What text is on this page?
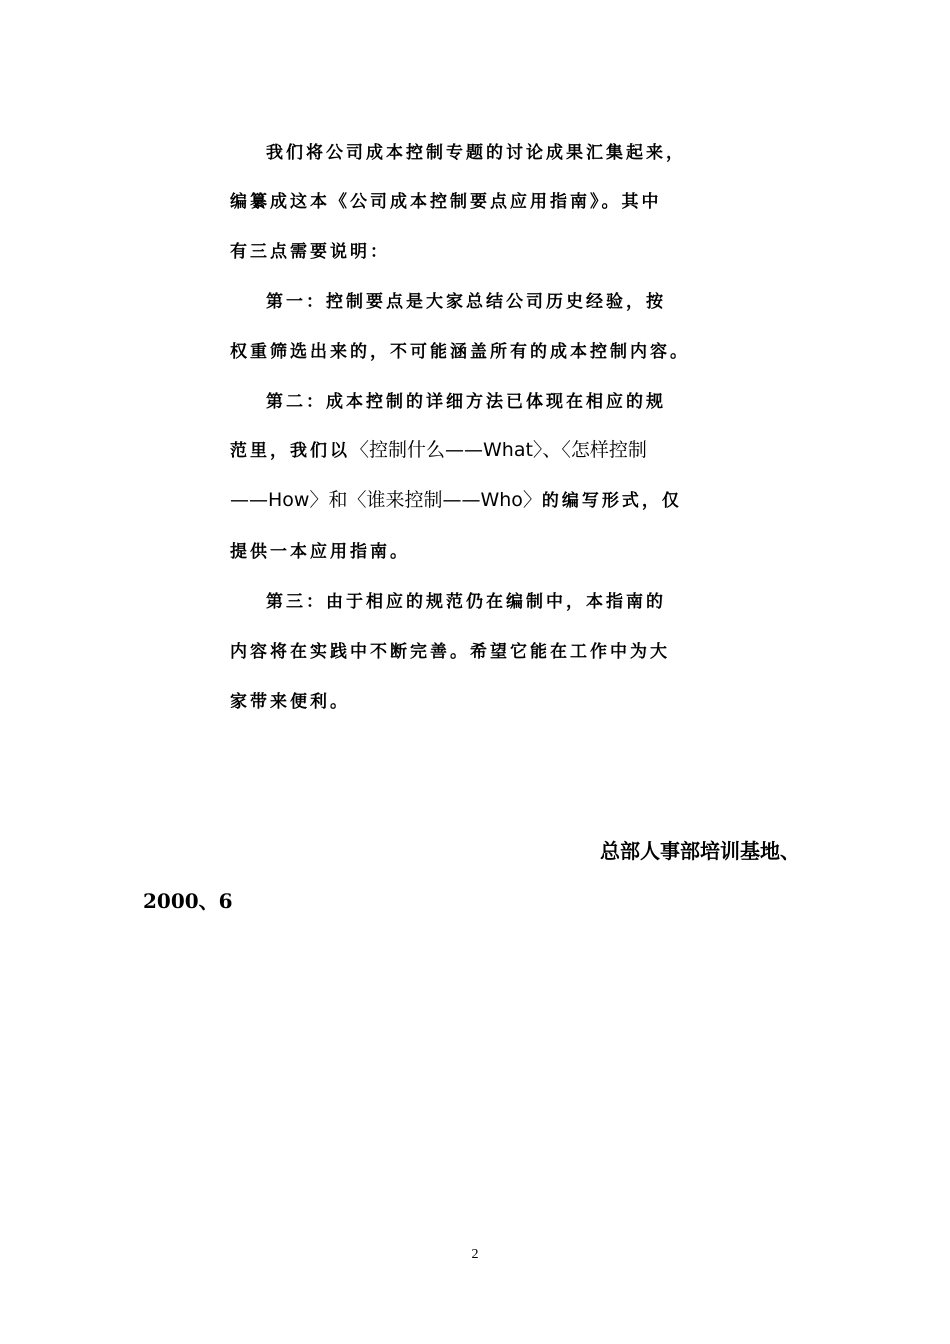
我们将公司成本控制专题的讨论成果汇集起来，
编纂成这本《公司成本控制要点应用指南》。其中
有三点需要说明：
第一：控制要点是大家总结公司历史经验，按
权重筛选出来的，不可能涵盖所有的成本控制内容。
第二：成本控制的详细方法已体现在相应的规
范里，我们以〈控制什么——What〉、〈怎样控制
——How〉和〈谁来控制——Who〉的编写形式，仅
提供一本应用指南。
第三：由于相应的规范仍在编制中，本指南的
内容将在实践中不断完善。希望它能在工作中为大
家带来便利。
总部人事部培训基地、
2000、6
2
